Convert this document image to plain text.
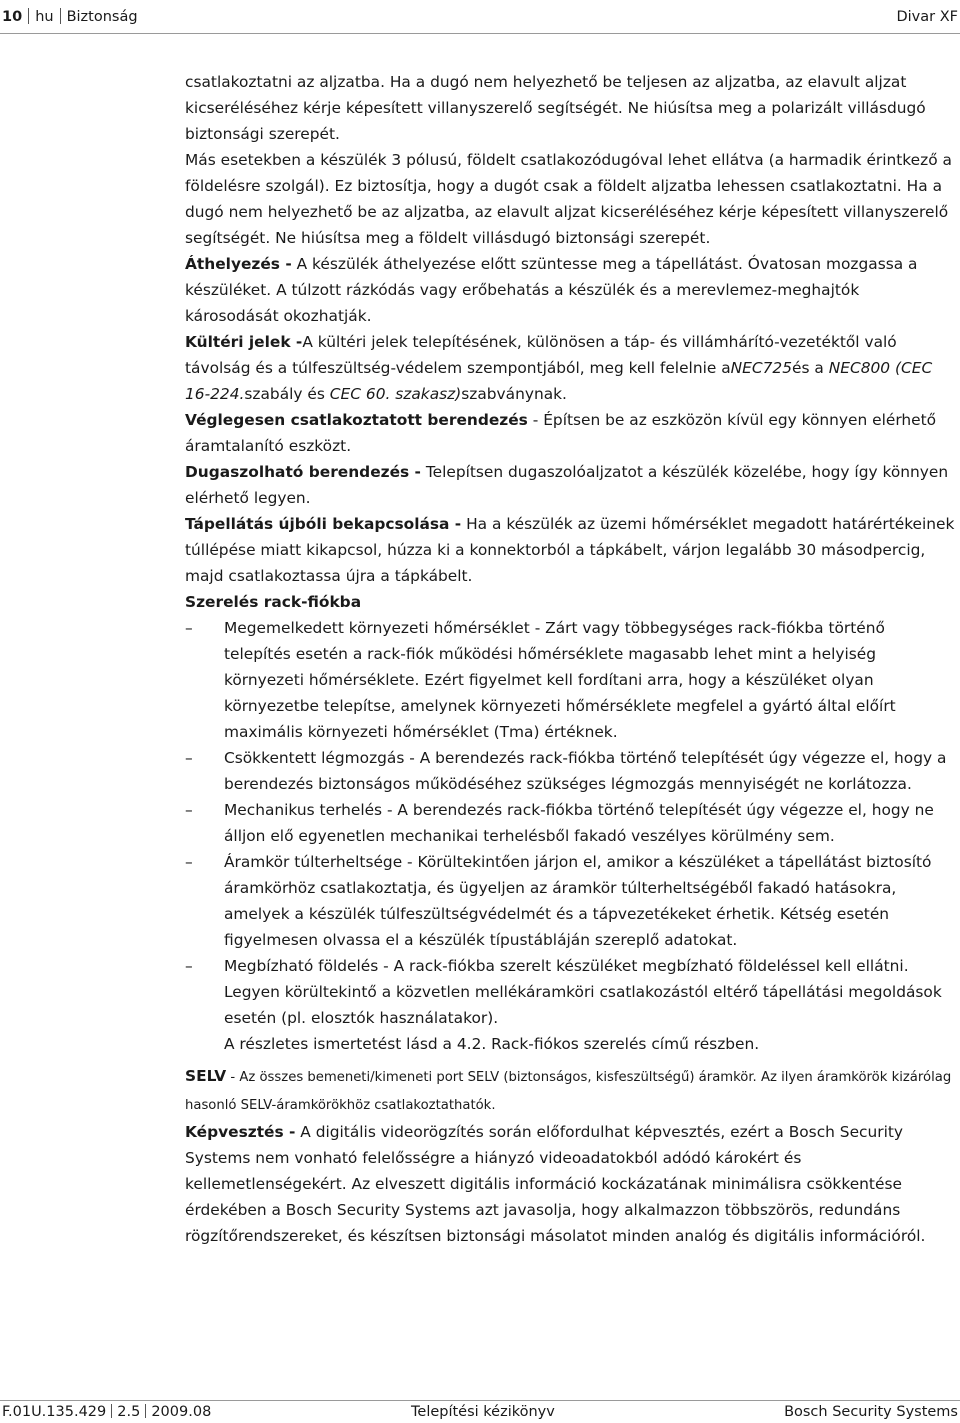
10 hu Biztonság	Divar XF

csatlakoztatni az aljzatba. Ha a dugó nem helyezhető be teljesen az aljzatba, az elavult aljzat kicseréléséhez kérje képesített villanyszerelő segítségét. Ne hiúsítsa meg a polarizált villásdugó biztonsági szerepét.

Más esetekben a készülék 3 pólusú, földelt csatlakozódugóval lehet ellátva (a harmadik érintkező a földelésre szolgál). Ez biztosítja, hogy a dugót csak a földelt aljzatba lehessen csatlakoztatni. Ha a dugó nem helyezhető be az aljzatba, az elavult aljzat kicseréléséhez kérje képesített villanyszerelő segítségét. Ne hiúsítsa meg a földelt villásdugó biztonsági szerepét.

Áthelyezés - A készülék áthelyezése előtt szüntesse meg a tápellátást. Óvatosan mozgassa a készüléket. A túlzott rázkódás vagy erőbehatás a készülék és a merevlemez-meghajtók károsodását okozhatják.

Kültéri jelek -A kültéri jelek telepítésének, különösen a táp- és villámhárító-vezetéktől való távolság és a túlfeszültség-védelem szempontjából, meg kell felelnie aNEC725és a NEC800 (CEC 16-224.szabály és CEC 60. szakasz)szabványnak.

Véglegesen csatlakoztatott berendezés - Építsen be az eszközön kívül egy könnyen elérhető áramtalanító eszközt.

Dugaszolható berendezés - Telepítsen dugaszolóaljzatot a készülék közelébe, hogy így könnyen elérhető legyen.

Tápellátás újbóli bekapcsolása - Ha a készülék az üzemi hőmérséklet megadott határértékeinek túllépése miatt kikapcsol, húzza ki a konnektorból a tápkábelt, várjon legalább 30 másodpercig, majd csatlakoztassa újra a tápkábelt.

Szerelés rack-fiókba

– Megemelkedett környezeti hőmérséklet - Zárt vagy többegységes rack-fiókba történő telepítés esetén a rack-fiók működési hőmérséklete magasabb lehet mint a helyiség környezeti hőmérséklete. Ezért figyelmet kell fordítani arra, hogy a készüléket olyan környezetbe telepítse, amelynek környezeti hőmérséklete megfelel a gyártó által előírt maximális környezeti hőmérséklet (Tma) értéknek.
– Csökkentett légmozgás - A berendezés rack-fiókba történő telepítését úgy végezze el, hogy a berendezés biztonságos működéséhez szükséges légmozgás mennyiségét ne korlátozza.
– Mechanikus terhelés - A berendezés rack-fiókba történő telepítését úgy végezze el, hogy ne álljon elő egyenetlen mechanikai terhelésből fakadó veszélyes körülmény sem.
– Áramkör túlterheltsége - Körültekintően járjon el, amikor a készüléket a tápellátást biztosító áramkörhöz csatlakoztatja, és ügyeljen az áramkör túlterheltségéből fakadó hatásokra, amelyek a készülék túlfeszültségvédelmét és a tápvezetékeket érhetik. Kétség esetén figyelmesen olvassa el a készülék típustábláján szereplő adatokat.
– Megbízható földelés - A rack-fiókba szerelt készüléket megbízható földeléssel kell ellátni. Legyen körültekintő a közvetlen mellékáramköri csatlakozástól eltérő tápellátási megoldások esetén (pl. elosztók használatakor).

A részletes ismertetést lásd a 4.2. Rack-fiókos szerelés című részben.

SELV - Az összes bemeneti/kimeneti port SELV (biztonságos, kisfeszültségű) áramkör. Az ilyen áramkörök kizárólag hasonló SELV-áramkörökhöz csatlakoztathatók.

Képvesztés - A digitális videorögzítés során előfordulhat képvesztés, ezért a Bosch Security Systems nem vonható felelősségre a hiányzó videoadatokból adódó károkért és kellemetlenségekért. Az elveszett digitális információ kockázatának minimálisra csökkentése érdekében a Bosch Security Systems azt javasolja, hogy alkalmazzon többszörös, redundáns rögzítőrendszereket, és készítsen biztonsági másolatot minden analóg és digitális információról.

F.01U.135.429 2.5 2009.08	Telepítési kézikönyv	Bosch Security Systems
